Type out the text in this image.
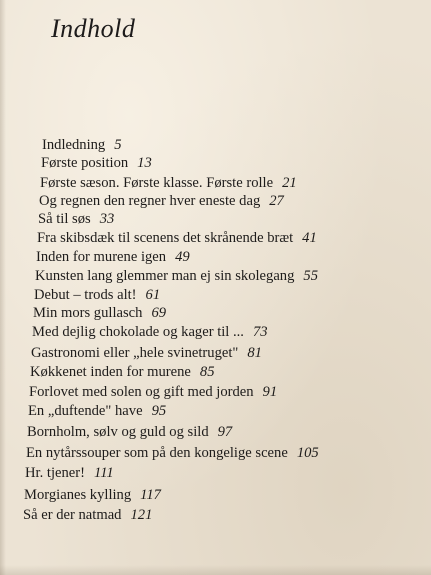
Indhold
Indledning 5
Første position 13
Første sæson. Første klasse. Første rolle 21
Og regnen den regner hver eneste dag 27
Så til søs 33
Fra skibsdæk til scenens det skrånende bræt 41
Inden for murene igen 49
Kunsten lang glemmer man ej sin skolegang 55
Debut – trods alt! 61
Min mors gullasch 69
Med dejlig chokolade og kager til ... 73
Gastronomi eller „hele svinetruget" 81
Køkkenet inden for murene 85
Forlovet med solen og gift med jorden 91
En „duftende" have 95
Bornholm, sølv og guld og sild 97
En nytårssouper som på den kongelige scene 105
Hr. tjener! 111
Morgianes kylling 117
Så er der natmad 121
